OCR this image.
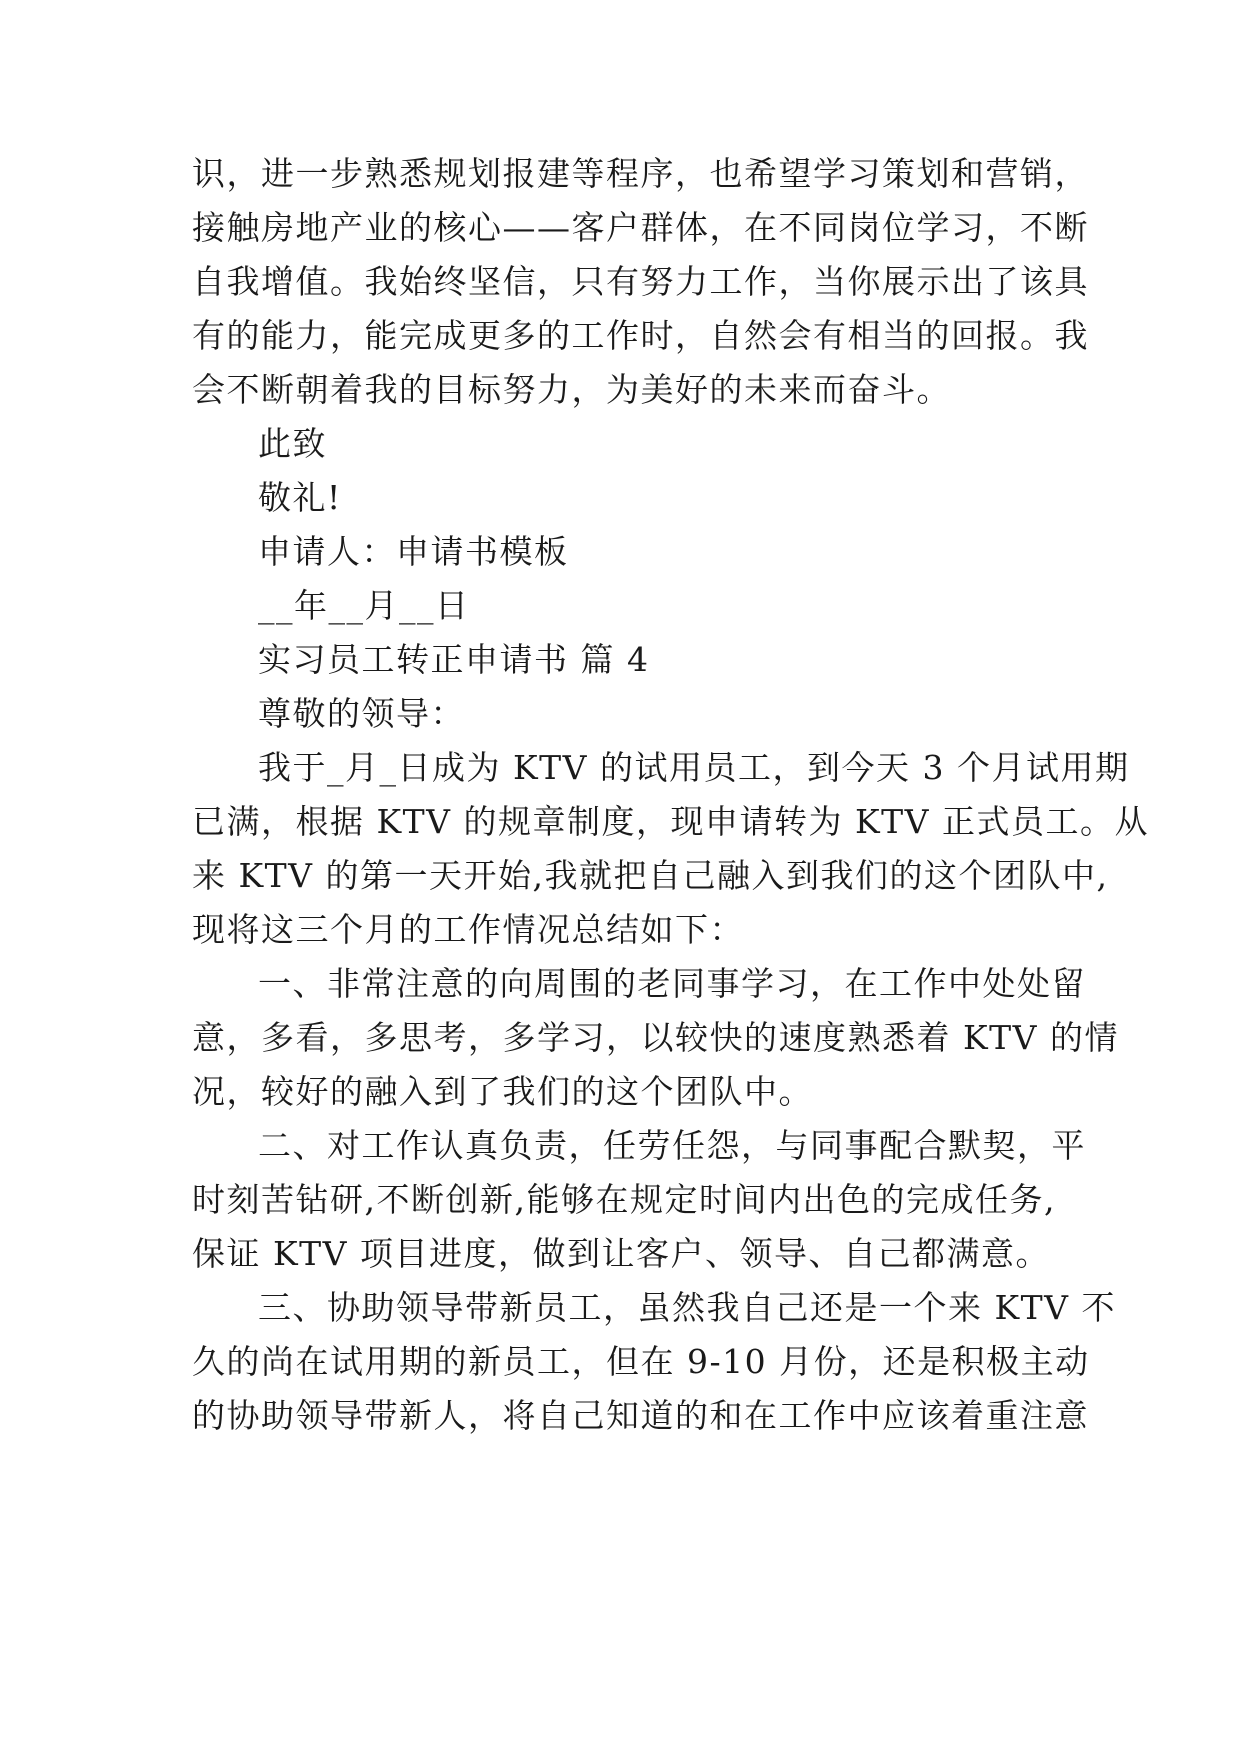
识，进一步熟悉规划报建等程序，也希望学习策划和营销，
接触房地产业的核心——客户群体，在不同岗位学习，不断
自我增值。我始终坚信，只有努力工作，当你展示出了该具
有的能力，能完成更多的工作时，自然会有相当的回报。我
会不断朝着我的目标努力，为美好的未来而奋斗。
此致
敬礼!
申请人：申请书模板
__年__月__日
实习员工转正申请书 篇 4
尊敬的领导：
我于_月_日成为 KTV 的试用员工，到今天 3 个月试用期
已满，根据 KTV 的规章制度，现申请转为 KTV 正式员工。从
来 KTV 的第一天开始,我就把自己融入到我们的这个团队中,
现将这三个月的工作情况总结如下：
一、非常注意的向周围的老同事学习，在工作中处处留
意，多看，多思考，多学习，以较快的速度熟悉着 KTV 的情
况，较好的融入到了我们的这个团队中。
二、对工作认真负责，任劳任怨，与同事配合默契，平
时刻苦钻研,不断创新,能够在规定时间内出色的完成任务,
保证 KTV 项目进度，做到让客户、领导、自己都满意。
三、协助领导带新员工，虽然我自己还是一个来 KTV 不
久的尚在试用期的新员工，但在 9-10 月份，还是积极主动
的协助领导带新人，将自己知道的和在工作中应该着重注意
